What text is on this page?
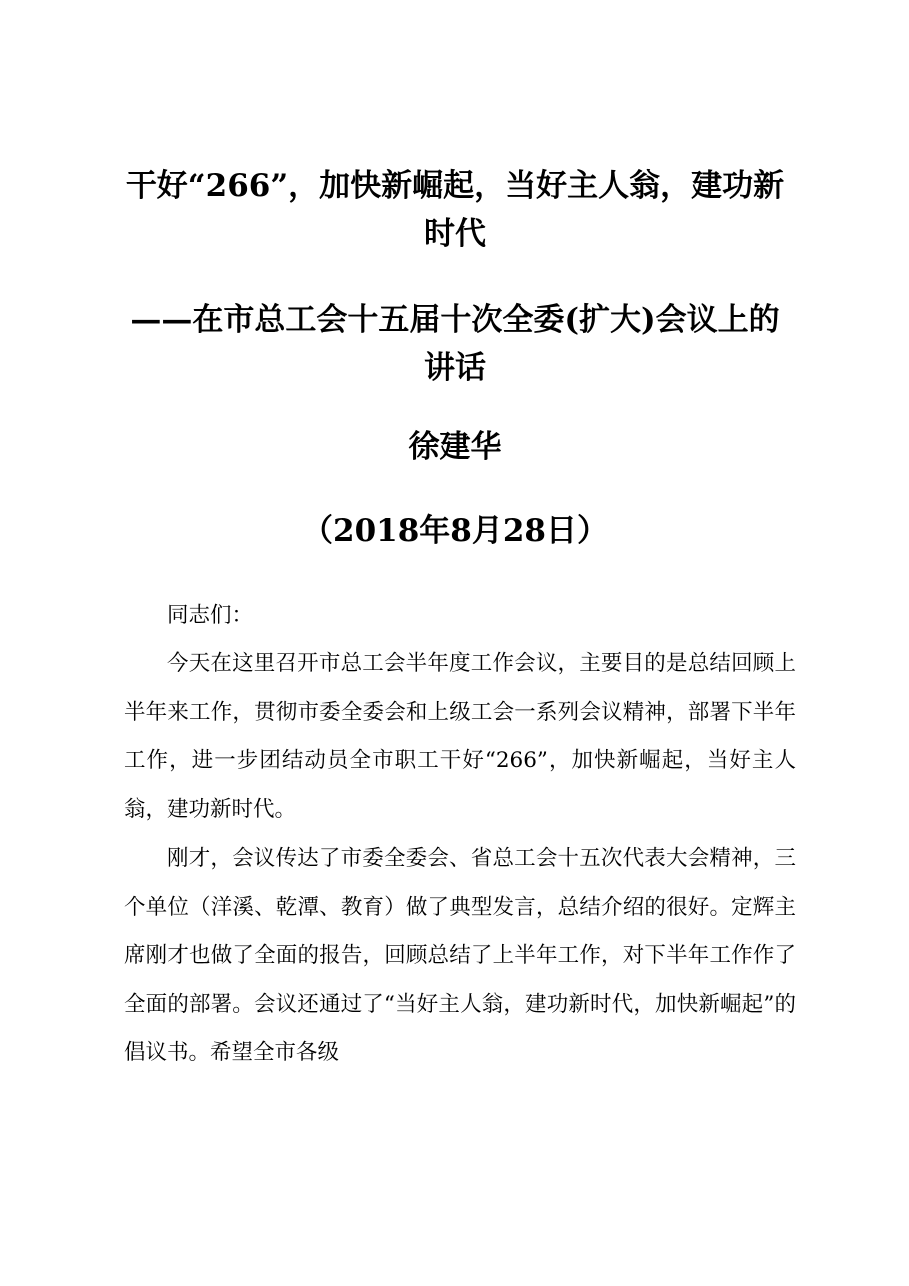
干好“266”，加快新崛起，当好主人翁，建功新时代
——在市总工会十五届十次全委(扩大)会议上的讲话
徐建华
（2018年8月28日）

同志们：

今天在这里召开市总工会半年度工作会议，主要目的是总结回顾上半年来工作，贯彻市委全委会和上级工会一系列会议精神，部署下半年工作，进一步团结动员全市职工干好“266”，加快新崛起，当好主人翁，建功新时代。

刚才，会议传达了市委全委会、省总工会十五次代表大会精神，三个单位（洋溪、乾潭、教育）做了典型发言，总结介绍的很好。定辉主席刚才也做了全面的报告，回顾总结了上半年工作，对下半年工作作了全面的部署。会议还通过了“当好主人翁，建功新时代，加快新崛起”的倡议书。希望全市各级
